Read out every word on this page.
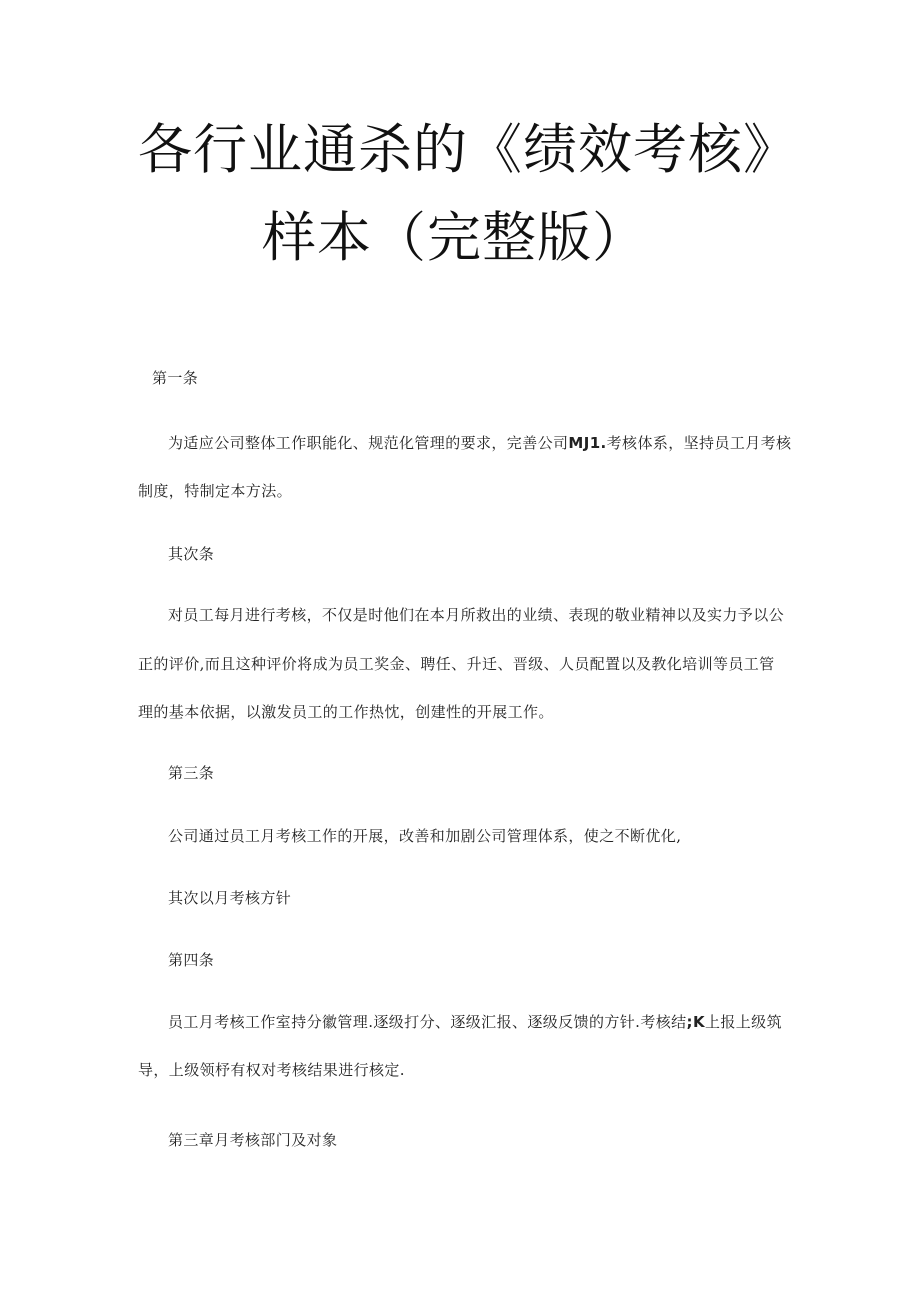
各行业通杀的《绩效考核》
样本（完整版）
第一条
为适应公司整体工作职能化、规范化管理的要求，完善公司MJ1.考核体系，坚持员工月考核
制度，特制定本方法。
其次条
对员工每月进行考核，不仅是时他们在本月所救出的业绩、表现的敬业精神以及实力予以公
正的评价,而且这种评价将成为员工奖金、聘任、升迁、晋级、人员配置以及教化培训等员工管
理的基本依据，以激发员工的工作热忱，创建性的开展工作。
第三条
公司通过员工月考核工作的开展，改善和加剧公司管理体系，使之不断优化,
其次以月考核方针
第四条
员工月考核工作室持分徽管理.逐级打分、逐级汇报、逐级反馈的方针.考核结;K上报上级筑
导，上级领杼有权对考核结果进行核定.
第三章月考核部门及对象
